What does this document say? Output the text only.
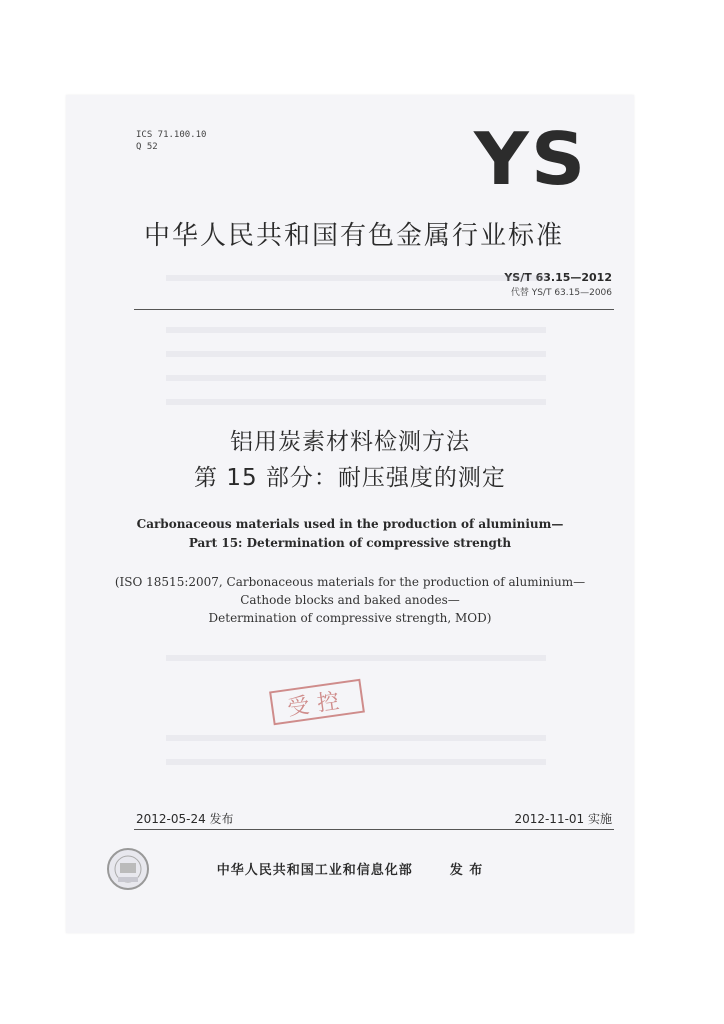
ICS 71.100.10
Q 52	YS
中华人民共和国有色金属行业标准
YS/T 63.15—2012
代替 YS/T 63.15—2006
铝用炭素材料检测方法
第 15 部分：耐压强度的测定
Carbonaceous materials used in the production of aluminium—
Part 15: Determination of compressive strength
(ISO 18515:2007, Carbonaceous materials for the production of aluminium—
Cathode blocks and baked anodes—
Determination of compressive strength, MOD)
受控
2012-05-24 发布	2012-11-01 实施
中华人民共和国工业和信息化部	发 布
